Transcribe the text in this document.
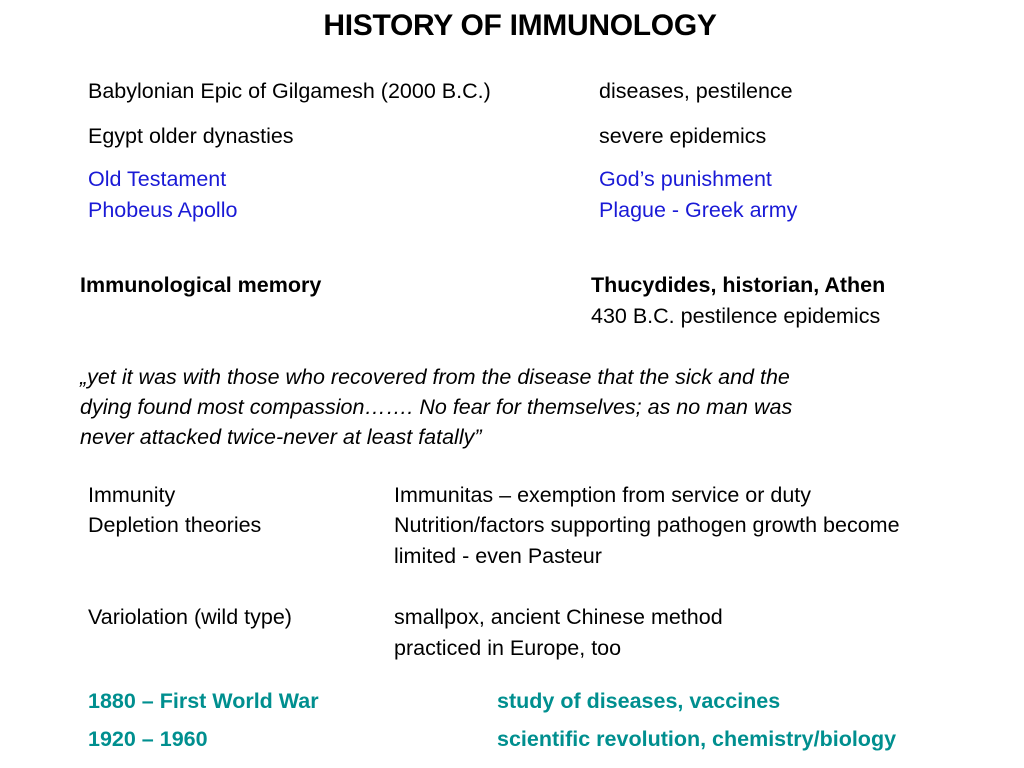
HISTORY OF IMMUNOLOGY
Babylonian Epic of Gilgamesh (2000 B.C.)	diseases, pestilence
Egypt older dynasties	severe epidemics
Old Testament	God’s punishment
Phobeus Apollo	Plague - Greek army
Immunological memory	Thucydides, historian, Athen
430 B.C. pestilence epidemics
„yet it was with those who recovered from the disease that the sick and the
dying found most compassion……. No fear for themselves; as no man was
never attacked twice-never at least fatally”
Immunity	Immunitas – exemption from service or duty
Depletion theories	Nutrition/factors supporting pathogen growth become
limited - even Pasteur
Variolation (wild type)	smallpox, ancient Chinese method
practiced in Europe, too
1880 – First World War	study of diseases, vaccines
1920 – 1960	scientific revolution, chemistry/biology
